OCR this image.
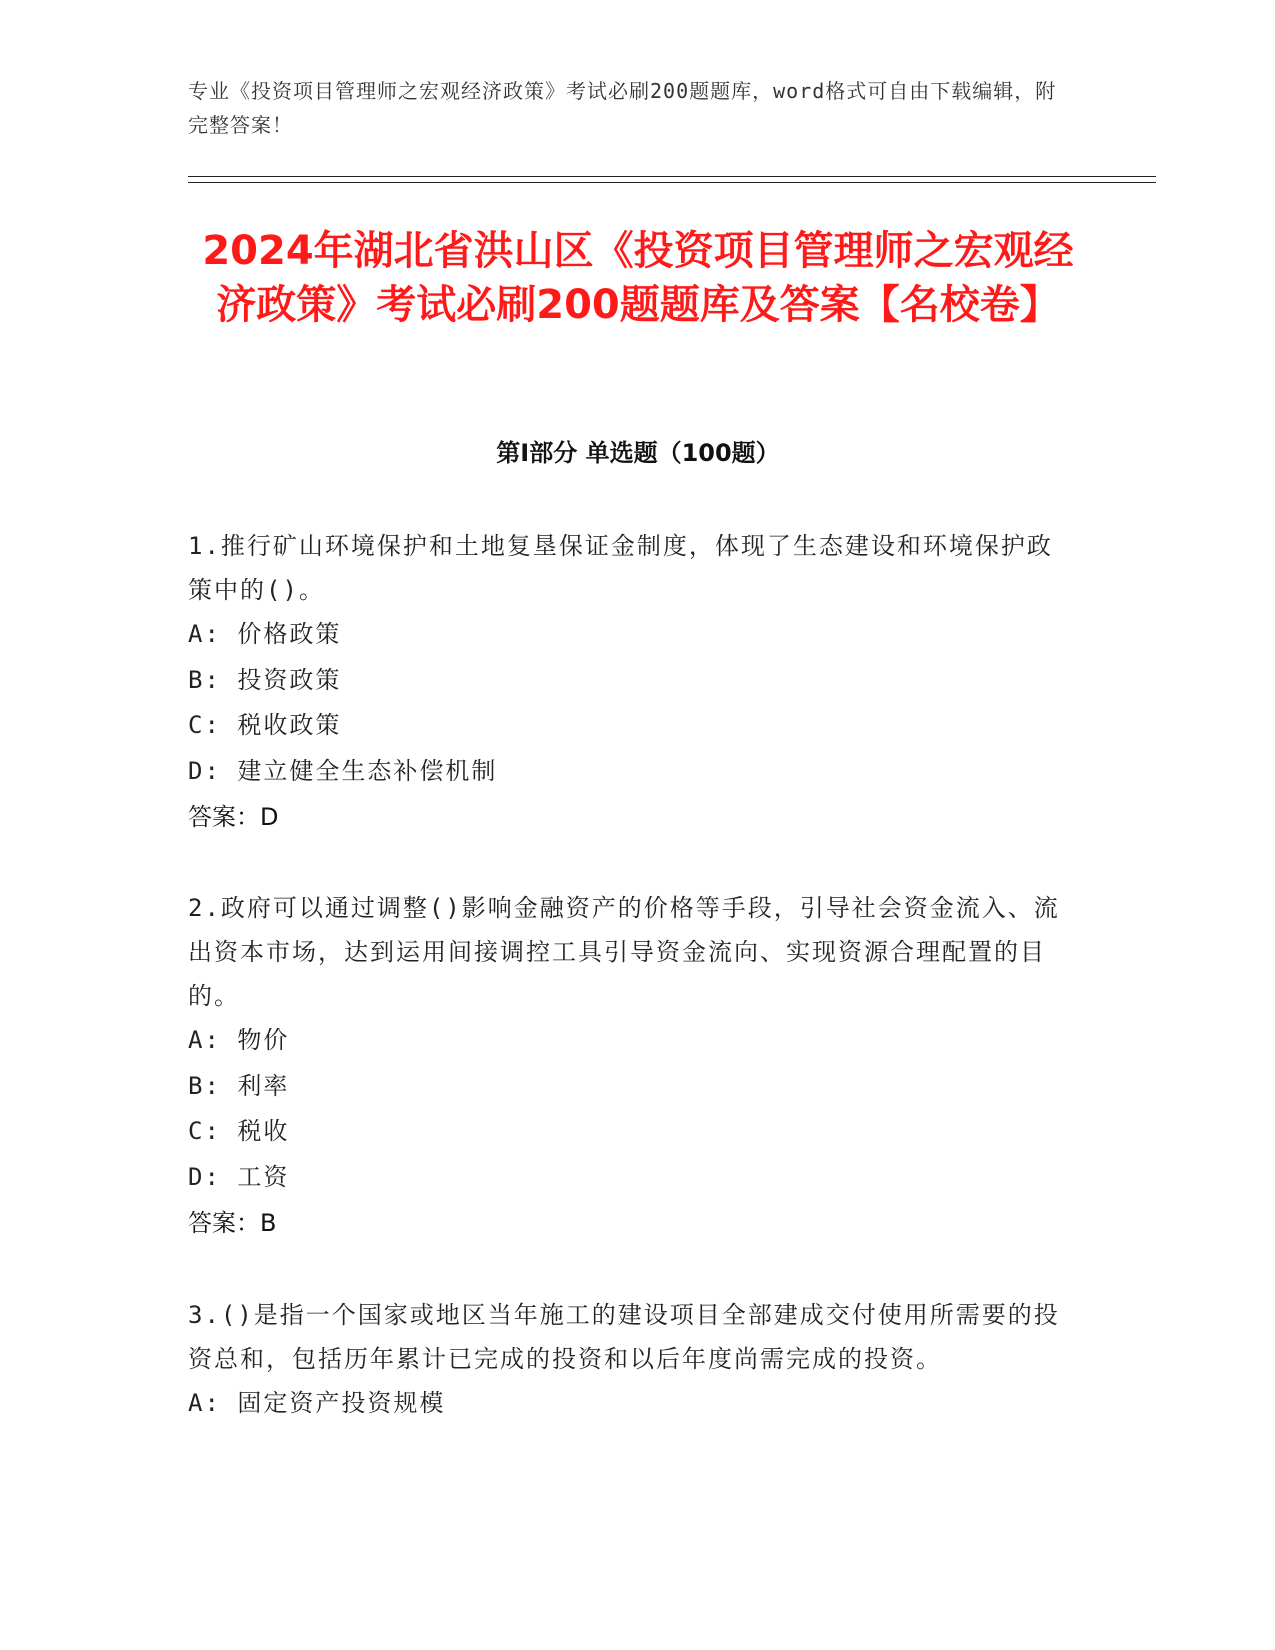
专业《投资项目管理师之宏观经济政策》考试必刷200题题库，word格式可自由下载编辑，附完整答案！
2024年湖北省洪山区《投资项目管理师之宏观经济政策》考试必刷200题题库及答案【名校卷】
第I部分 单选题（100题）

1.推行矿山环境保护和土地复垦保证金制度，体现了生态建设和环境保护政策中的()。

A: 价格政策

B: 投资政策

C: 税收政策

D: 建立健全生态补偿机制

答案：D

2.政府可以通过调整()影响金融资产的价格等手段，引导社会资金流入、流出资本市场，达到运用间接调控工具引导资金流向、实现资源合理配置的目的。

A: 物价

B: 利率

C: 税收

D: 工资

答案：B

3.()是指一个国家或地区当年施工的建设项目全部建成交付使用所需要的投资总和，包括历年累计已完成的投资和以后年度尚需完成的投资。

A: 固定资产投资规模
